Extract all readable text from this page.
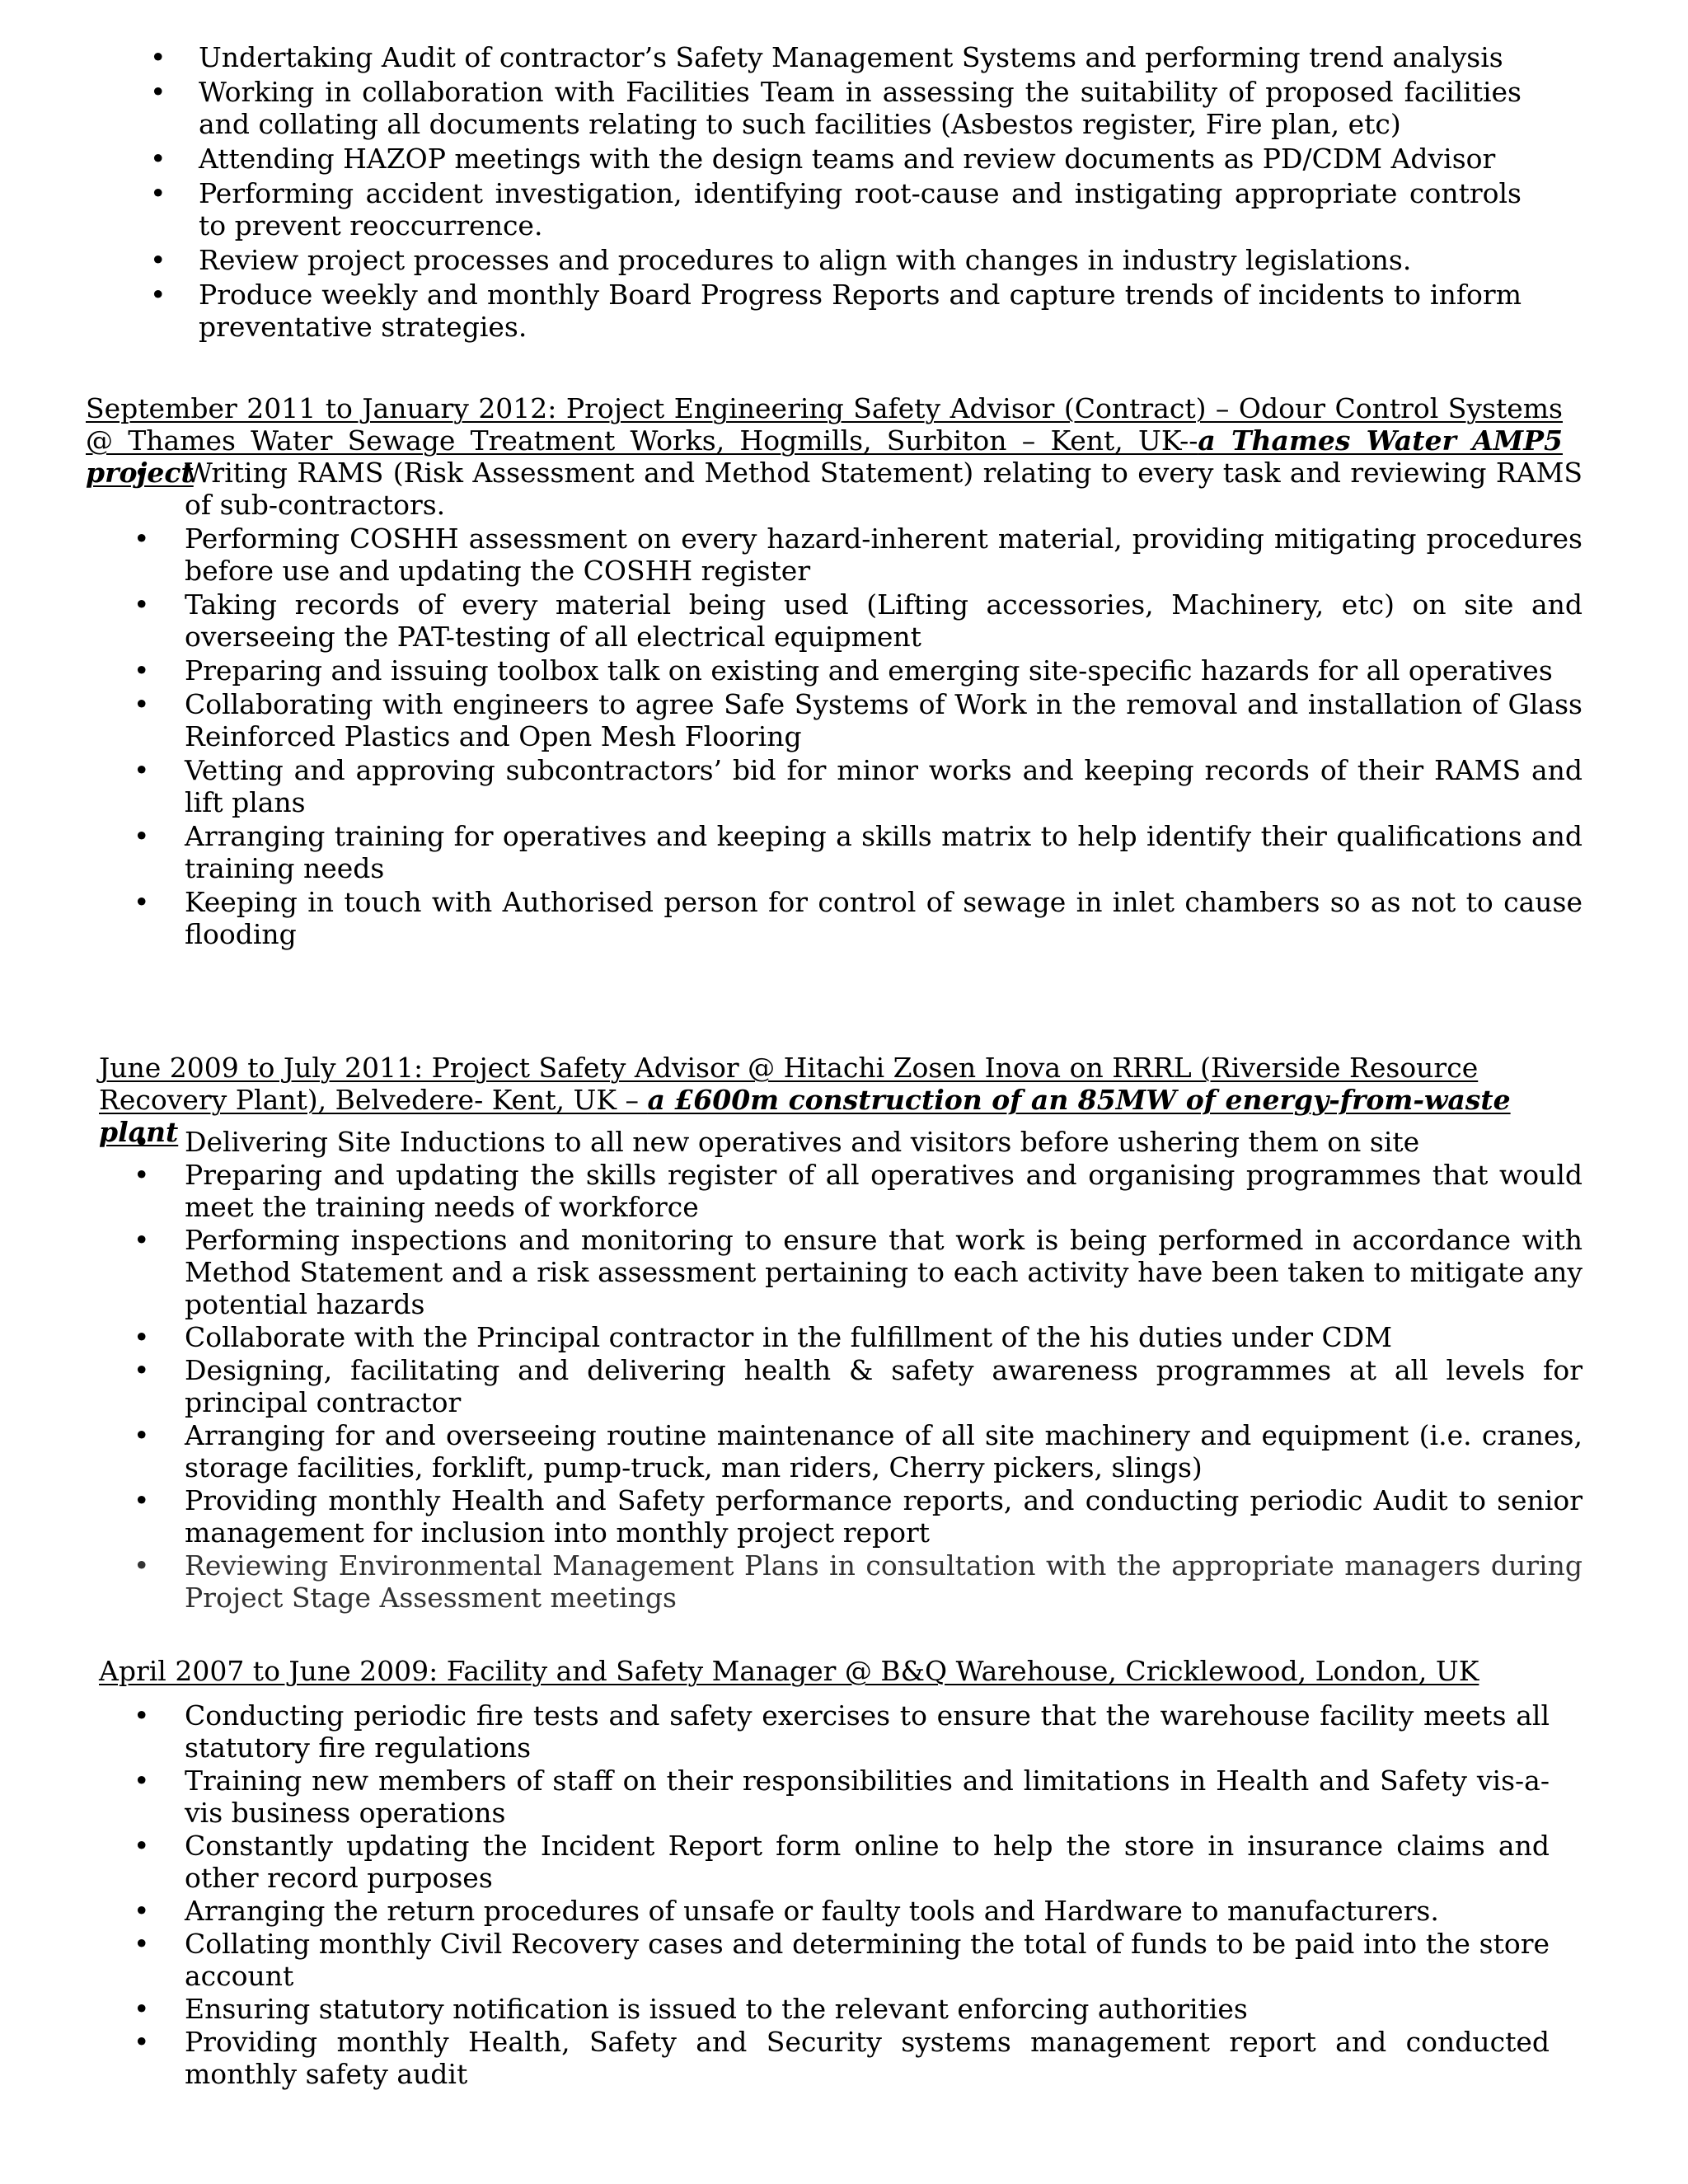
• Undertaking Audit of contractor’s Safety Management Systems and performing trend analysis
• Working in collaboration with Facilities Team in assessing the suitability of proposed facilities and collating all documents relating to such facilities (Asbestos register, Fire plan, etc)
• Attending HAZOP meetings with the design teams and review documents as PD/CDM Advisor
• Performing accident investigation, identifying root-cause and instigating appropriate controls to prevent reoccurrence.
• Review project processes and procedures to align with changes in industry legislations.
• Produce weekly and monthly Board Progress Reports and capture trends of incidents to inform preventative strategies.
September 2011 to January 2012: Project Engineering Safety Advisor (Contract) – Odour Control Systems @ Thames Water Sewage Treatment Works, Hogmills, Surbiton – Kent, UK--a Thames Water AMP5 project
• Writing RAMS (Risk Assessment and Method Statement) relating to every task and reviewing RAMS of sub-contractors.
• Performing COSHH assessment on every hazard-inherent material, providing mitigating procedures before use and updating the COSHH register
• Taking records of every material being used (Lifting accessories, Machinery, etc) on site and overseeing the PAT-testing of all electrical equipment
• Preparing and issuing toolbox talk on existing and emerging site-specific hazards for all operatives
• Collaborating with engineers to agree Safe Systems of Work in the removal and installation of Glass Reinforced Plastics and Open Mesh Flooring
• Vetting and approving subcontractors’ bid for minor works and keeping records of their RAMS and lift plans
• Arranging training for operatives and keeping a skills matrix to help identify their qualifications and training needs
• Keeping in touch with Authorised person for control of sewage in inlet chambers so as not to cause flooding
June 2009 to July 2011: Project Safety Advisor @ Hitachi Zosen Inova on RRRL (Riverside Resource Recovery Plant), Belvedere- Kent, UK – a £600m construction of an 85MW of energy-from-waste plant
• Delivering Site Inductions to all new operatives and visitors before ushering them on site
• Preparing and updating the skills register of all operatives and organising programmes that would meet the training needs of workforce
• Performing inspections and monitoring to ensure that work is being performed in accordance with Method Statement and a risk assessment pertaining to each activity have been taken to mitigate any potential hazards
• Collaborate with the Principal contractor in the fulfillment of the his duties under CDM
• Designing, facilitating and delivering health & safety awareness programmes at all levels for principal contractor
• Arranging for and overseeing routine maintenance of all site machinery and equipment (i.e. cranes, storage facilities, forklift, pump-truck, man riders, Cherry pickers, slings)
• Providing monthly Health and Safety performance reports, and conducting periodic Audit to senior management for inclusion into monthly project report
• Reviewing Environmental Management Plans in consultation with the appropriate managers during Project Stage Assessment meetings
April 2007 to June 2009: Facility and Safety Manager @ B&Q Warehouse, Cricklewood, London, UK
• Conducting periodic fire tests and safety exercises to ensure that the warehouse facility meets all statutory fire regulations
• Training new members of staff on their responsibilities and limitations in Health and Safety vis-a- vis business operations
• Constantly updating the Incident Report form online to help the store in insurance claims and other record purposes
• Arranging the return procedures of unsafe or faulty tools and Hardware to manufacturers.
• Collating monthly Civil Recovery cases and determining the total of funds to be paid into the store account
• Ensuring statutory notification is issued to the relevant enforcing authorities
• Providing monthly Health, Safety and Security systems management report and conducted monthly safety audit
